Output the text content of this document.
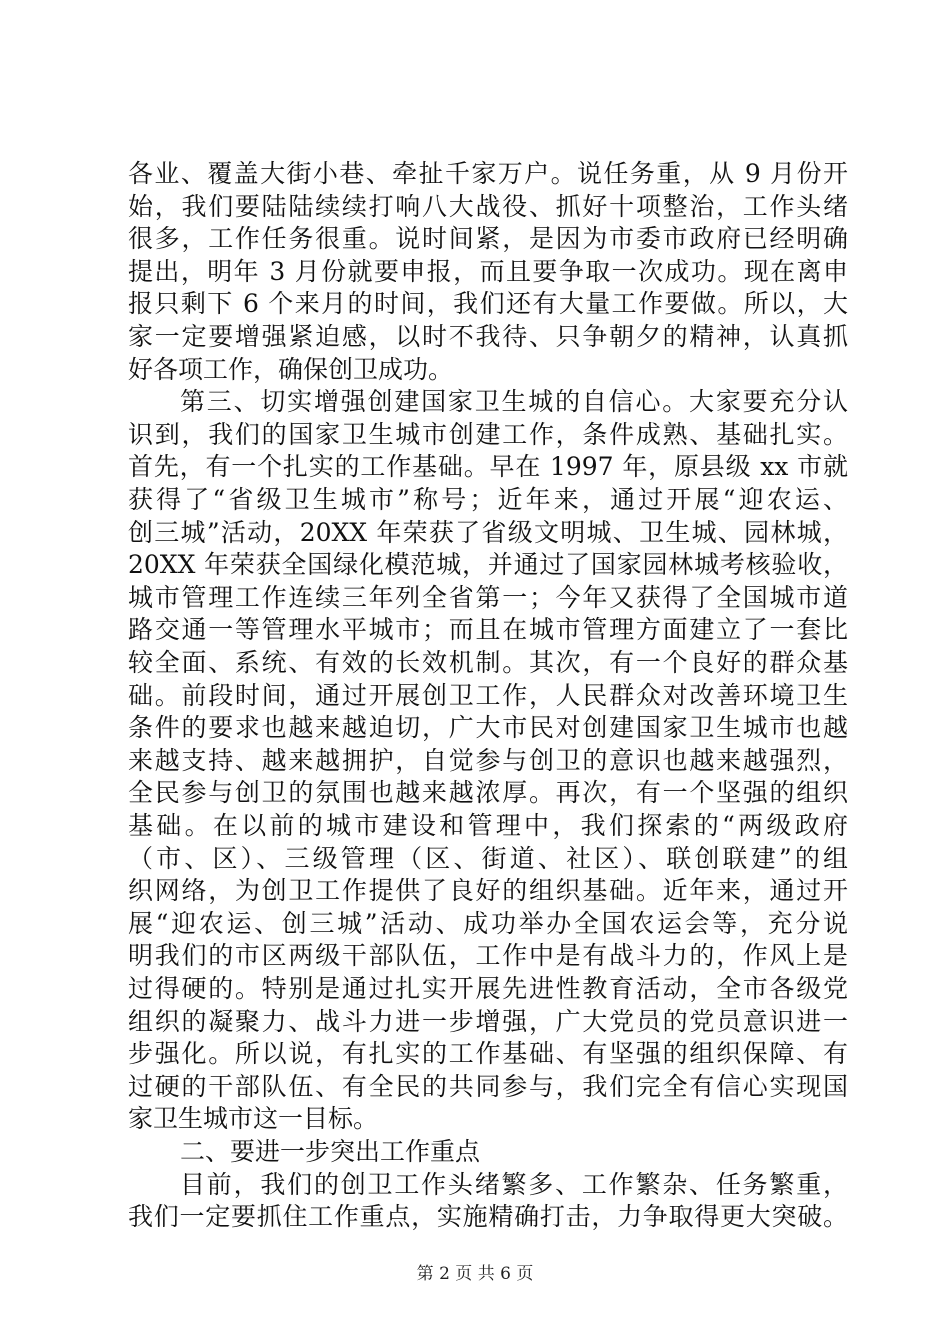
各业、覆盖大街小巷、牵扯千家万户。说任务重，从 9 月份开
始，我们要陆陆续续打响八大战役、抓好十项整治，工作头绪
很多，工作任务很重。说时间紧，是因为市委市政府已经明确
提出，明年 3 月份就要申报，而且要争取一次成功。现在离申
报只剩下 6 个来月的时间，我们还有大量工作要做。所以，大
家一定要增强紧迫感，以时不我待、只争朝夕的精神，认真抓
好各项工作，确保创卫成功。
第三、切实增强创建国家卫生城的自信心。大家要充分认
识到，我们的国家卫生城市创建工作，条件成熟、基础扎实。
首先，有一个扎实的工作基础。早在 1997 年，原县级 xx 市就
获得了“省级卫生城市”称号；近年来，通过开展“迎农运、
创三城”活动，20XX 年荣获了省级文明城、卫生城、园林城，
20XX 年荣获全国绿化模范城，并通过了国家园林城考核验收，
城市管理工作连续三年列全省第一；今年又获得了全国城市道
路交通一等管理水平城市；而且在城市管理方面建立了一套比
较全面、系统、有效的长效机制。其次，有一个良好的群众基
础。前段时间，通过开展创卫工作，人民群众对改善环境卫生
条件的要求也越来越迫切，广大市民对创建国家卫生城市也越
来越支持、越来越拥护，自觉参与创卫的意识也越来越强烈，
全民参与创卫的氛围也越来越浓厚。再次，有一个坚强的组织
基础。在以前的城市建设和管理中，我们探索的“两级政府
（市、区）、三级管理（区、街道、社区）、联创联建”的组
织网络，为创卫工作提供了良好的组织基础。近年来，通过开
展“迎农运、创三城”活动、成功举办全国农运会等，充分说
明我们的市区两级干部队伍，工作中是有战斗力的，作风上是
过得硬的。特别是通过扎实开展先进性教育活动，全市各级党
组织的凝聚力、战斗力进一步增强，广大党员的党员意识进一
步强化。所以说，有扎实的工作基础、有坚强的组织保障、有
过硬的干部队伍、有全民的共同参与，我们完全有信心实现国
家卫生城市这一目标。
二、要进一步突出工作重点
目前，我们的创卫工作头绪繁多、工作繁杂、任务繁重，
我们一定要抓住工作重点，实施精确打击，力争取得更大突破。
第 2 页 共 6 页
